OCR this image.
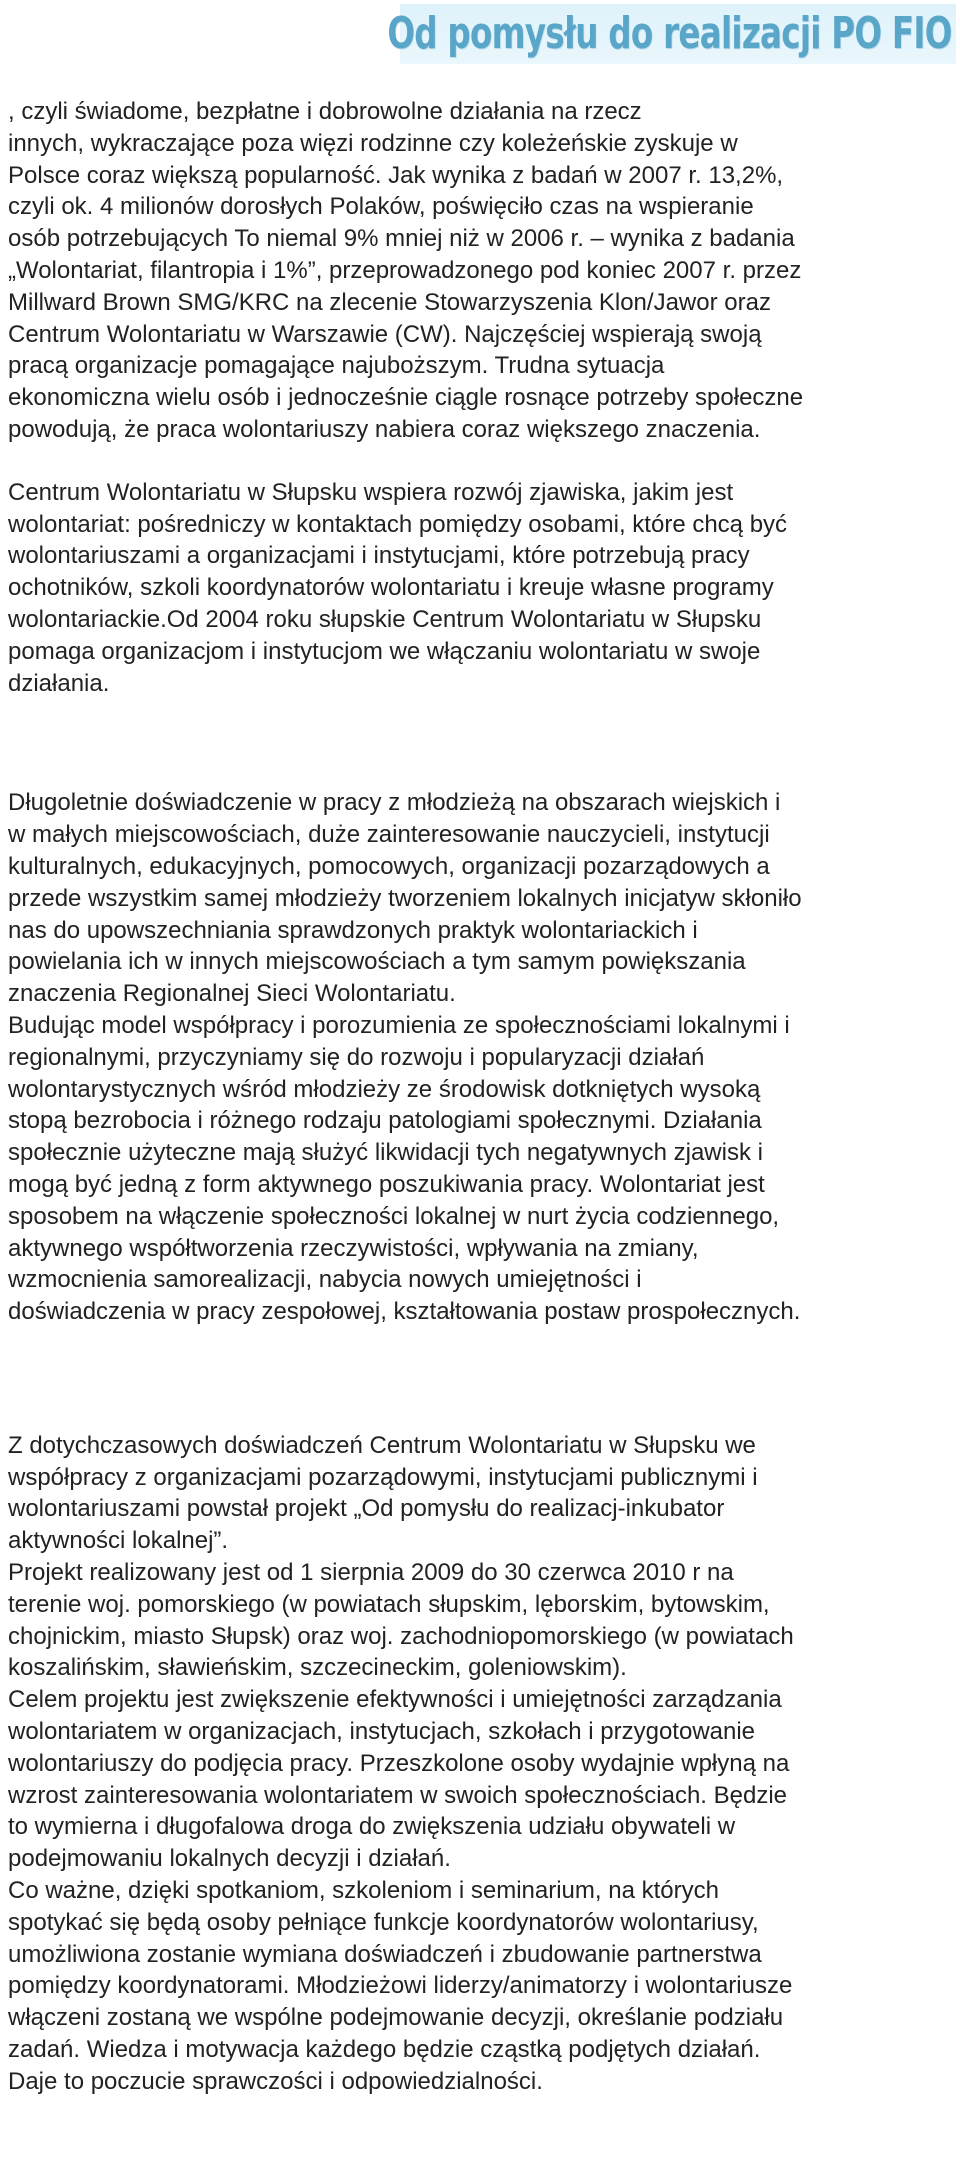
Od pomysłu do realizacji PO FIO

, czyli świadome, bezpłatne i dobrowolne działania na rzecz
innych, wykraczające poza więzi rodzinne czy koleżeńskie zyskuje w
Polsce coraz większą popularność. Jak wynika z badań w 2007 r. 13,2%,
czyli ok. 4 milionów dorosłych Polaków, poświęciło czas na wspieranie
osób potrzebujących To niemal 9% mniej niż w 2006 r. – wynika z badania
„Wolontariat, filantropia i 1%”, przeprowadzonego pod koniec 2007 r. przez
Millward Brown SMG/KRC na zlecenie Stowarzyszenia Klon/Jawor oraz
Centrum Wolontariatu w Warszawie (CW). Najczęściej wspierają swoją
pracą organizacje pomagające najuboższym. Trudna sytuacja
ekonomiczna wielu osób i jednocześnie ciągle rosnące potrzeby społeczne
powodują, że praca wolontariuszy nabiera coraz większego znaczenia.

Centrum Wolontariatu w Słupsku wspiera rozwój zjawiska, jakim jest
wolontariat: pośredniczy w kontaktach pomiędzy osobami, które chcą być
wolontariuszami a organizacjami i instytucjami, które potrzebują pracy
ochotników, szkoli koordynatorów wolontariatu i kreuje własne programy
wolontariackie.Od 2004 roku słupskie Centrum Wolontariatu w Słupsku
pomaga organizacjom i instytucjom we włączaniu wolontariatu w swoje
działania.

Długoletnie doświadczenie w pracy z młodzieżą na obszarach wiejskich i
w małych miejscowościach, duże zainteresowanie nauczycieli, instytucji
kulturalnych, edukacyjnych, pomocowych, organizacji pozarządowych a
przede wszystkim samej młodzieży tworzeniem lokalnych inicjatyw skłoniło
nas do upowszechniania sprawdzonych praktyk wolontariackich i
powielania ich w innych miejscowościach a tym samym powiększania
znaczenia Regionalnej Sieci Wolontariatu.
Budując model współpracy i porozumienia ze społecznościami lokalnymi i
regionalnymi, przyczyniamy się do rozwoju i popularyzacji działań
wolontarystycznych wśród młodzieży ze środowisk dotkniętych wysoką
stopą bezrobocia i różnego rodzaju patologiami społecznymi. Działania
społecznie użyteczne mają służyć likwidacji tych negatywnych zjawisk i
mogą być jedną z form aktywnego poszukiwania pracy. Wolontariat jest
sposobem na włączenie społeczności lokalnej w nurt życia codziennego,
aktywnego współtworzenia rzeczywistości, wpływania na zmiany,
wzmocnienia samorealizacji, nabycia nowych umiejętności i
doświadczenia w pracy zespołowej, kształtowania postaw prospołecznych.

Z dotychczasowych doświadczeń Centrum Wolontariatu w Słupsku we
współpracy z organizacjami pozarządowymi, instytucjami publicznymi i
wolontariuszami powstał projekt „Od pomysłu do realizacj-inkubator
aktywności lokalnej”.
Projekt realizowany jest od 1 sierpnia 2009 do 30 czerwca 2010 r na
terenie woj. pomorskiego (w powiatach słupskim, lęborskim, bytowskim,
chojnickim, miasto Słupsk) oraz woj. zachodniopomorskiego (w powiatach
koszalińskim, sławieńskim, szczecineckim, goleniowskim).
Celem projektu jest zwiększenie efektywności i umiejętności zarządzania
wolontariatem w organizacjach, instytucjach, szkołach i przygotowanie
wolontariuszy do podjęcia pracy. Przeszkolone osoby wydajnie wpłyną na
wzrost zainteresowania wolontariatem w swoich społecznościach. Będzie
to wymierna i długofalowa droga do zwiększenia udziału obywateli w
podejmowaniu lokalnych decyzji i działań.
Co ważne, dzięki spotkaniom, szkoleniom i seminarium, na których
spotykać się będą osoby pełniące funkcje koordynatorów wolontariusy,
umożliwiona zostanie wymiana doświadczeń i zbudowanie partnerstwa
pomiędzy koordynatorami. Młodzieżowi liderzy/animatorzy i wolontariusze
włączeni zostaną we wspólne podejmowanie decyzji, określanie podziału
zadań. Wiedza i motywacja każdego będzie cząstką podjętych działań.
Daje to poczucie sprawczości i odpowiedzialności.
